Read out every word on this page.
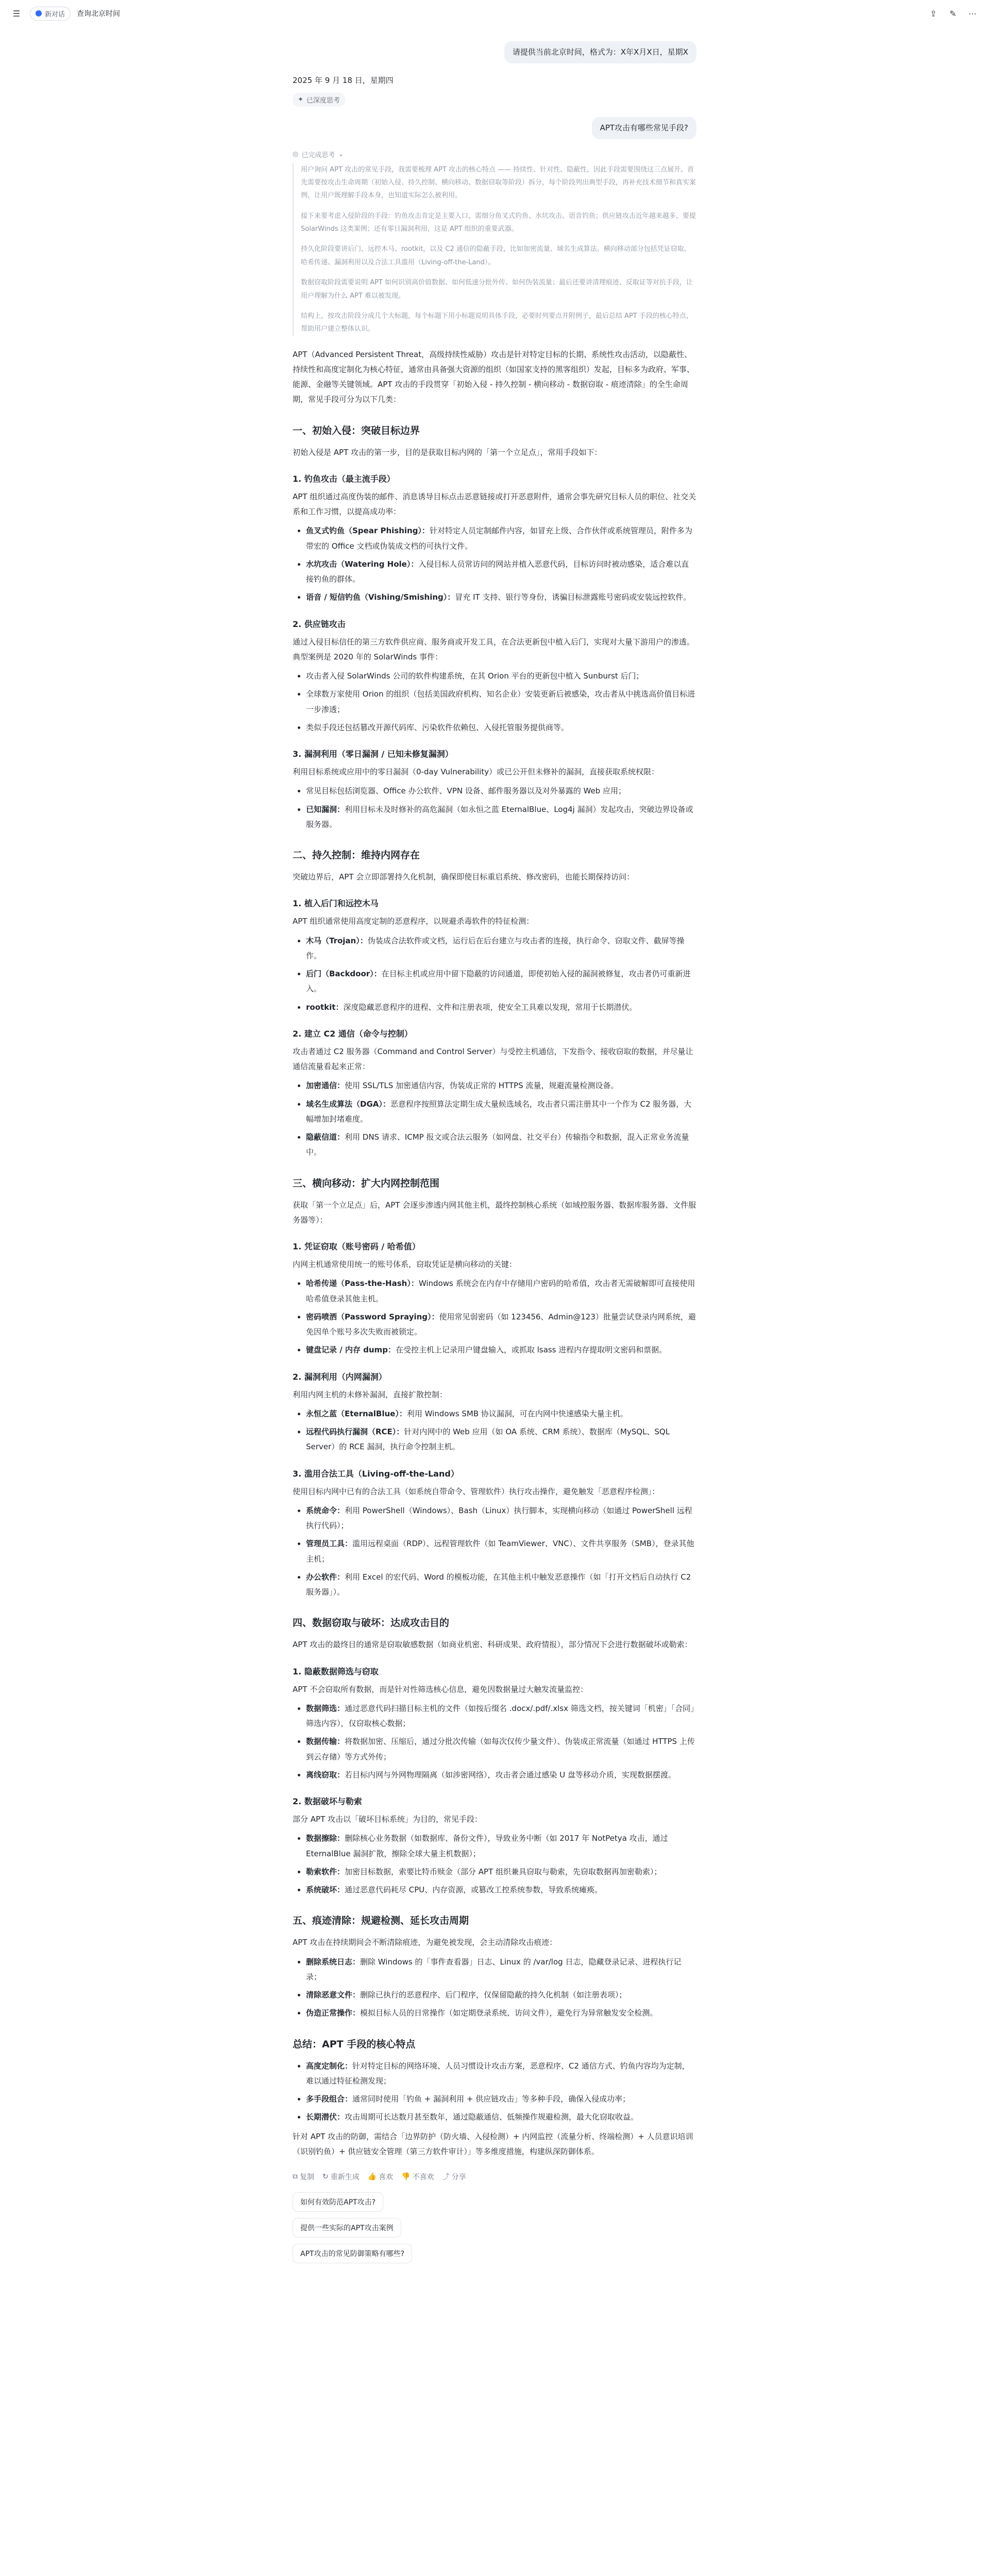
☰	新对话 查询北京时间	⇪	✎	⋯
请提供当前北京时间，格式为：X年X月X日，星期X
2025 年 9 月 18 日，星期四
✦ 已深度思考
APT攻击有哪些常见手段?
◎ 已完成思考 ⌄

用户询问 APT 攻击的常见手段，我需要梳理 APT 攻击的核心特点 —— 持续性、针对性、隐蔽性，因此手段需要围绕这三点展开。首先需要按攻击生命周期（初始入侵、持久控制、横向移动、数据窃取等阶段）拆分，每个阶段列出典型手段，再补充技术细节和真实案例，让用户既理解手段本身，也知道实际怎么被利用。

接下来要考虑入侵阶段的手段：钓鱼攻击肯定是主要入口，需细分鱼叉式钓鱼、水坑攻击、语音钓鱼；供应链攻击近年越来越多，要提 SolarWinds 这类案例；还有零日漏洞利用，这是 APT 组织的重要武器。

持久化阶段要讲后门、远控木马、rootkit，以及 C2 通信的隐蔽手段，比如加密流量、域名生成算法。横向移动部分包括凭证窃取、哈希传递、漏洞利用以及合法工具滥用（Living-off-the-Land）。

数据窃取阶段需要说明 APT 如何识别高价值数据、如何低速分批外传、如何伪装流量；最后还要讲清理痕迹、反取证等对抗手段，让用户理解为什么 APT 难以被发现。

结构上，按攻击阶段分成几个大标题，每个标题下用小标题说明具体手段，必要时列要点并附例子，最后总结 APT 手段的核心特点，帮助用户建立整体认识。

APT（Advanced Persistent Threat，高级持续性威胁）攻击是针对特定目标的长期、系统性攻击活动，以隐蔽性、持续性和高度定制化为核心特征，通常由具备强大资源的组织（如国家支持的黑客组织）发起，目标多为政府、军事、能源、金融等关键领域。APT 攻击的手段贯穿「初始入侵 - 持久控制 - 横向移动 - 数据窃取 - 痕迹清除」的全生命周期，常见手段可分为以下几类：
一、初始入侵：突破目标边界

初始入侵是 APT 攻击的第一步，目的是获取目标内网的「第一个立足点」，常用手段如下：

1. 钓鱼攻击（最主流手段）

APT 组织通过高度伪装的邮件、消息诱导目标点击恶意链接或打开恶意附件，通常会事先研究目标人员的职位、社交关系和工作习惯，以提高成功率：

• 鱼叉式钓鱼（Spear Phishing）：针对特定人员定制邮件内容，如冒充上级、合作伙伴或系统管理员，附件多为带宏的 Office 文档或伪装成文档的可执行文件。
• 水坑攻击（Watering Hole）：入侵目标人员常访问的网站并植入恶意代码，目标访问时被动感染，适合难以直接钓鱼的群体。
• 语音 / 短信钓鱼（Vishing/Smishing）：冒充 IT 支持、银行等身份，诱骗目标泄露账号密码或安装远控软件。
2. 供应链攻击

通过入侵目标信任的第三方软件供应商、服务商或开发工具，在合法更新包中植入后门，实现对大量下游用户的渗透。典型案例是 2020 年的 SolarWinds 事件：

• 攻击者入侵 SolarWinds 公司的软件构建系统，在其 Orion 平台的更新包中植入 Sunburst 后门；
• 全球数万家使用 Orion 的组织（包括美国政府机构、知名企业）安装更新后被感染，攻击者从中挑选高价值目标进一步渗透；
• 类似手段还包括篡改开源代码库、污染软件依赖包、入侵托管服务提供商等。
3. 漏洞利用（零日漏洞 / 已知未修复漏洞）

利用目标系统或应用中的零日漏洞（0-day Vulnerability）或已公开但未修补的漏洞，直接获取系统权限：

• 常见目标包括浏览器、Office 办公软件、VPN 设备、邮件服务器以及对外暴露的 Web 应用；
• 已知漏洞：利用目标未及时修补的高危漏洞（如永恒之蓝 EternalBlue、Log4j 漏洞）发起攻击，突破边界设备或服务器。
二、持久控制：维持内网存在

突破边界后，APT 会立即部署持久化机制，确保即使目标重启系统、修改密码，也能长期保持访问：

1. 植入后门和远控木马

APT 组织通常使用高度定制的恶意程序，以规避杀毒软件的特征检测：

• 木马（Trojan）：伪装成合法软件或文档，运行后在后台建立与攻击者的连接，执行命令、窃取文件、截屏等操作。
• 后门（Backdoor）：在目标主机或应用中留下隐蔽的访问通道，即使初始入侵的漏洞被修复，攻击者仍可重新进入。
• rootkit：深度隐藏恶意程序的进程、文件和注册表项，使安全工具难以发现，常用于长期潜伏。
2. 建立 C2 通信（命令与控制）

攻击者通过 C2 服务器（Command and Control Server）与受控主机通信，下发指令、接收窃取的数据，并尽量让通信流量看起来正常：

• 加密通信：使用 SSL/TLS 加密通信内容，伪装成正常的 HTTPS 流量，规避流量检测设备。
• 域名生成算法（DGA）：恶意程序按照算法定期生成大量候选域名，攻击者只需注册其中一个作为 C2 服务器，大幅增加封堵难度。
• 隐蔽信道：利用 DNS 请求、ICMP 报文或合法云服务（如网盘、社交平台）传输指令和数据，混入正常业务流量中。
三、横向移动：扩大内网控制范围

获取「第一个立足点」后，APT 会逐步渗透内网其他主机，最终控制核心系统（如域控服务器、数据库服务器、文件服务器等）：

1. 凭证窃取（账号密码 / 哈希值）

内网主机通常使用统一的账号体系，窃取凭证是横向移动的关键：

• 哈希传递（Pass-the-Hash）：Windows 系统会在内存中存储用户密码的哈希值，攻击者无需破解即可直接使用哈希值登录其他主机。
• 密码喷洒（Password Spraying）：使用常见弱密码（如 123456、Admin@123）批量尝试登录内网系统，避免因单个账号多次失败而被锁定。
• 键盘记录 / 内存 dump：在受控主机上记录用户键盘输入，或抓取 lsass 进程内存提取明文密码和票据。
2. 漏洞利用（内网漏洞）

利用内网主机的未修补漏洞，直接扩散控制：

• 永恒之蓝（EternalBlue）：利用 Windows SMB 协议漏洞，可在内网中快速感染大量主机。
• 远程代码执行漏洞（RCE）：针对内网中的 Web 应用（如 OA 系统、CRM 系统）、数据库（MySQL、SQL Server）的 RCE 漏洞，执行命令控制主机。
3. 滥用合法工具（Living-off-the-Land）

使用目标内网中已有的合法工具（如系统自带命令、管理软件）执行攻击操作，避免触发「恶意程序检测」：

• 系统命令：利用 PowerShell（Windows）、Bash（Linux）执行脚本，实现横向移动（如通过 PowerShell 远程执行代码）；
• 管理员工具：滥用远程桌面（RDP）、远程管理软件（如 TeamViewer、VNC）、文件共享服务（SMB），登录其他主机；
• 办公软件：利用 Excel 的宏代码、Word 的模板功能，在其他主机中触发恶意操作（如「打开文档后自动执行 C2 服务器」）。
四、数据窃取与破坏：达成攻击目的

APT 攻击的最终目的通常是窃取敏感数据（如商业机密、科研成果、政府情报），部分情况下会进行数据破坏或勒索：

1. 隐蔽数据筛选与窃取

APT 不会窃取所有数据，而是针对性筛选核心信息，避免因数据量过大触发流量监控：

• 数据筛选：通过恶意代码扫描目标主机的文件（如按后缀名 .docx/.pdf/.xlsx 筛选文档，按关键词「机密」「合同」筛选内容），仅窃取核心数据；
• 数据传输：将数据加密、压缩后，通过分批次传输（如每次仅传少量文件）、伪装成正常流量（如通过 HTTPS 上传到云存储）等方式外传；
• 离线窃取：若目标内网与外网物理隔离（如涉密网络），攻击者会通过感染 U 盘等移动介质，实现数据摆渡。
2. 数据破坏与勒索

部分 APT 攻击以「破坏目标系统」为目的，常见手段：

• 数据擦除：删除核心业务数据（如数据库、备份文件），导致业务中断（如 2017 年 NotPetya 攻击，通过 EternalBlue 漏洞扩散，擦除全球大量主机数据）；
• 勒索软件：加密目标数据，索要比特币赎金（部分 APT 组织兼具窃取与勒索，先窃取数据再加密勒索）；
• 系统破坏：通过恶意代码耗尽 CPU、内存资源，或篡改工控系统参数，导致系统瘫痪。
五、痕迹清除：规避检测、延长攻击周期

APT 攻击在持续期间会不断清除痕迹，为避免被发现，会主动清除攻击痕迹：

• 删除系统日志：删除 Windows 的「事件查看器」日志、Linux 的 /var/log 日志，隐藏登录记录、进程执行记录；
• 清除恶意文件：删除已执行的恶意程序、后门程序，仅保留隐蔽的持久化机制（如注册表项）；
• 伪造正常操作：模拟目标人员的日常操作（如定期登录系统、访问文件），避免行为异常触发安全检测。
总结：APT 手段的核心特点
• 高度定制化：针对特定目标的网络环境、人员习惯设计攻击方案，恶意程序、C2 通信方式、钓鱼内容均为定制，难以通过特征检测发现；
• 多手段组合：通常同时使用「钓鱼 + 漏洞利用 + 供应链攻击」等多种手段，确保入侵成功率；
• 长期潜伏：攻击周期可长达数月甚至数年，通过隐蔽通信、低频操作规避检测，最大化窃取收益。

针对 APT 攻击的防御，需结合「边界防护（防火墙、入侵检测）+ 内网监控（流量分析、终端检测）+ 人员意识培训（识别钓鱼）+ 供应链安全管理（第三方软件审计）」等多维度措施，构建纵深防御体系。

⧉ 复制 ↻ 重新生成 👍 喜欢 👎 不喜欢 ⤴ 分享
如何有效防范APT攻击?
提供一些实际的APT攻击案例
APT攻击的常见防御策略有哪些?
